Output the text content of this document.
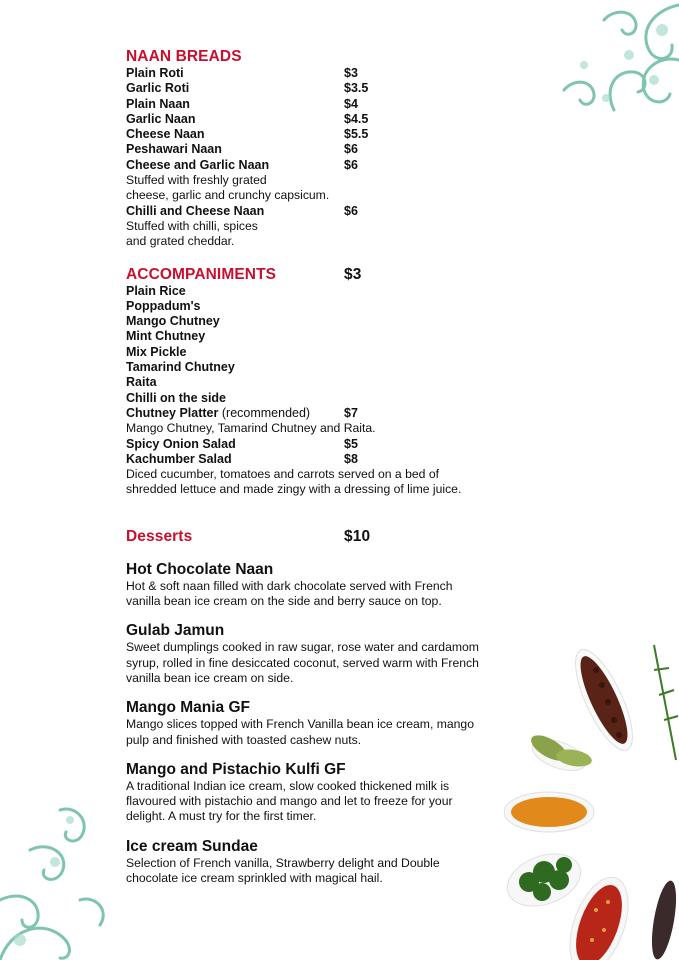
NAAN BREADS
Plain Roti	$3
Garlic Roti	$3.5
Plain Naan	$4
Garlic Naan	$4.5
Cheese Naan	$5.5
Peshawari Naan	$6
Cheese and Garlic Naan	$6
Stuffed with freshly grated
cheese, garlic and crunchy capsicum.
Chilli and Cheese Naan	$6
Stuffed with chilli, spices
and grated cheddar.
ACCOMPANIMENTS	$3
Plain Rice
Poppadum's
Mango Chutney
Mint Chutney
Mix Pickle
Tamarind Chutney
Raita
Chilli on the side
Chutney Platter (recommended)	$7
Mango Chutney, Tamarind Chutney and Raita.
Spicy Onion Salad	$5
Kachumber Salad	$8
Diced cucumber, tomatoes and carrots served on a bed of
shredded lettuce and made zingy with a dressing of lime juice.
Desserts	$10
Hot Chocolate Naan
Hot & soft naan filled with dark chocolate served with French
vanilla bean ice cream on the side and berry sauce on top.
Gulab Jamun
Sweet dumplings cooked in raw sugar, rose water and cardamom
syrup, rolled in fine desiccated coconut, served warm with French
vanilla bean ice cream on side.
Mango Mania GF
Mango slices topped with French Vanilla bean ice cream, mango
pulp and finished with toasted cashew nuts.
Mango and Pistachio Kulfi GF
A traditional Indian ice cream, slow cooked thickened milk is
flavoured with pistachio and mango and let to freeze for your
delight. A must try for the first timer.
Ice cream Sundae
Selection of French vanilla, Strawberry delight and Double
chocolate ice cream sprinkled with magical hail.
